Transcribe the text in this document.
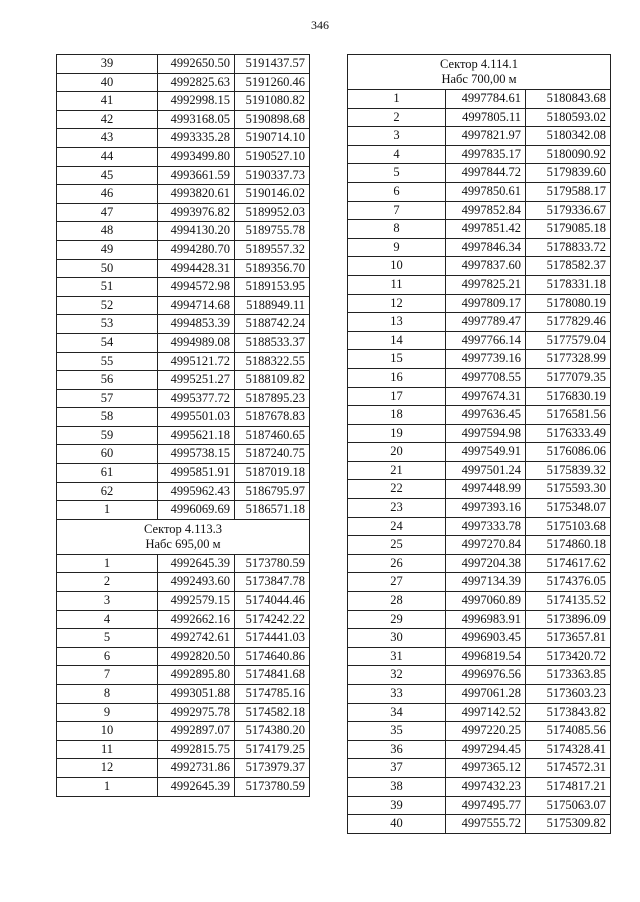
346
39	4992650.50	5191437.57
40	4992825.63	5191260.46
41	4992998.15	5191080.82
42	4993168.05	5190898.68
43	4993335.28	5190714.10
44	4993499.80	5190527.10
45	4993661.59	5190337.73
46	4993820.61	5190146.02
47	4993976.82	5189952.03
48	4994130.20	5189755.78
49	4994280.70	5189557.32
50	4994428.31	5189356.70
51	4994572.98	5189153.95
52	4994714.68	5188949.11
53	4994853.39	5188742.24
54	4994989.08	5188533.37
55	4995121.72	5188322.55
56	4995251.27	5188109.82
57	4995377.72	5187895.23
58	4995501.03	5187678.83
59	4995621.18	5187460.65
60	4995738.15	5187240.75
61	4995851.91	5187019.18
62	4995962.43	5186795.97
1	4996069.69	5186571.18

Сектор 4.113.3
Набс 695,00 м		

1	4992645.39	5173780.59
2	4992493.60	5173847.78
3	4992579.15	5174044.46
4	4992662.16	5174242.22
5	4992742.61	5174441.03
6	4992820.50	5174640.86
7	4992895.80	5174841.68
8	4993051.88	5174785.16
9	4992975.78	5174582.18
10	4992897.07	5174380.20
11	4992815.75	5174179.25
12	4992731.86	5173979.37
1	4992645.39	5173780.59
Сектор 4.114.1
Набс 700,00 м		

1	4997784.61	5180843.68
2	4997805.11	5180593.02
3	4997821.97	5180342.08
4	4997835.17	5180090.92
5	4997844.72	5179839.60
6	4997850.61	5179588.17
7	4997852.84	5179336.67
8	4997851.42	5179085.18
9	4997846.34	5178833.72
10	4997837.60	5178582.37
11	4997825.21	5178331.18
12	4997809.17	5178080.19
13	4997789.47	5177829.46
14	4997766.14	5177579.04
15	4997739.16	5177328.99
16	4997708.55	5177079.35
17	4997674.31	5176830.19
18	4997636.45	5176581.56
19	4997594.98	5176333.49
20	4997549.91	5176086.06
21	4997501.24	5175839.32
22	4997448.99	5175593.30
23	4997393.16	5175348.07
24	4997333.78	5175103.68
25	4997270.84	5174860.18
26	4997204.38	5174617.62
27	4997134.39	5174376.05
28	4997060.89	5174135.52
29	4996983.91	5173896.09
30	4996903.45	5173657.81
31	4996819.54	5173420.72
32	4996976.56	5173363.85
33	4997061.28	5173603.23
34	4997142.52	5173843.82
35	4997220.25	5174085.56
36	4997294.45	5174328.41
37	4997365.12	5174572.31
38	4997432.23	5174817.21
39	4997495.77	5175063.07
40	4997555.72	5175309.82
